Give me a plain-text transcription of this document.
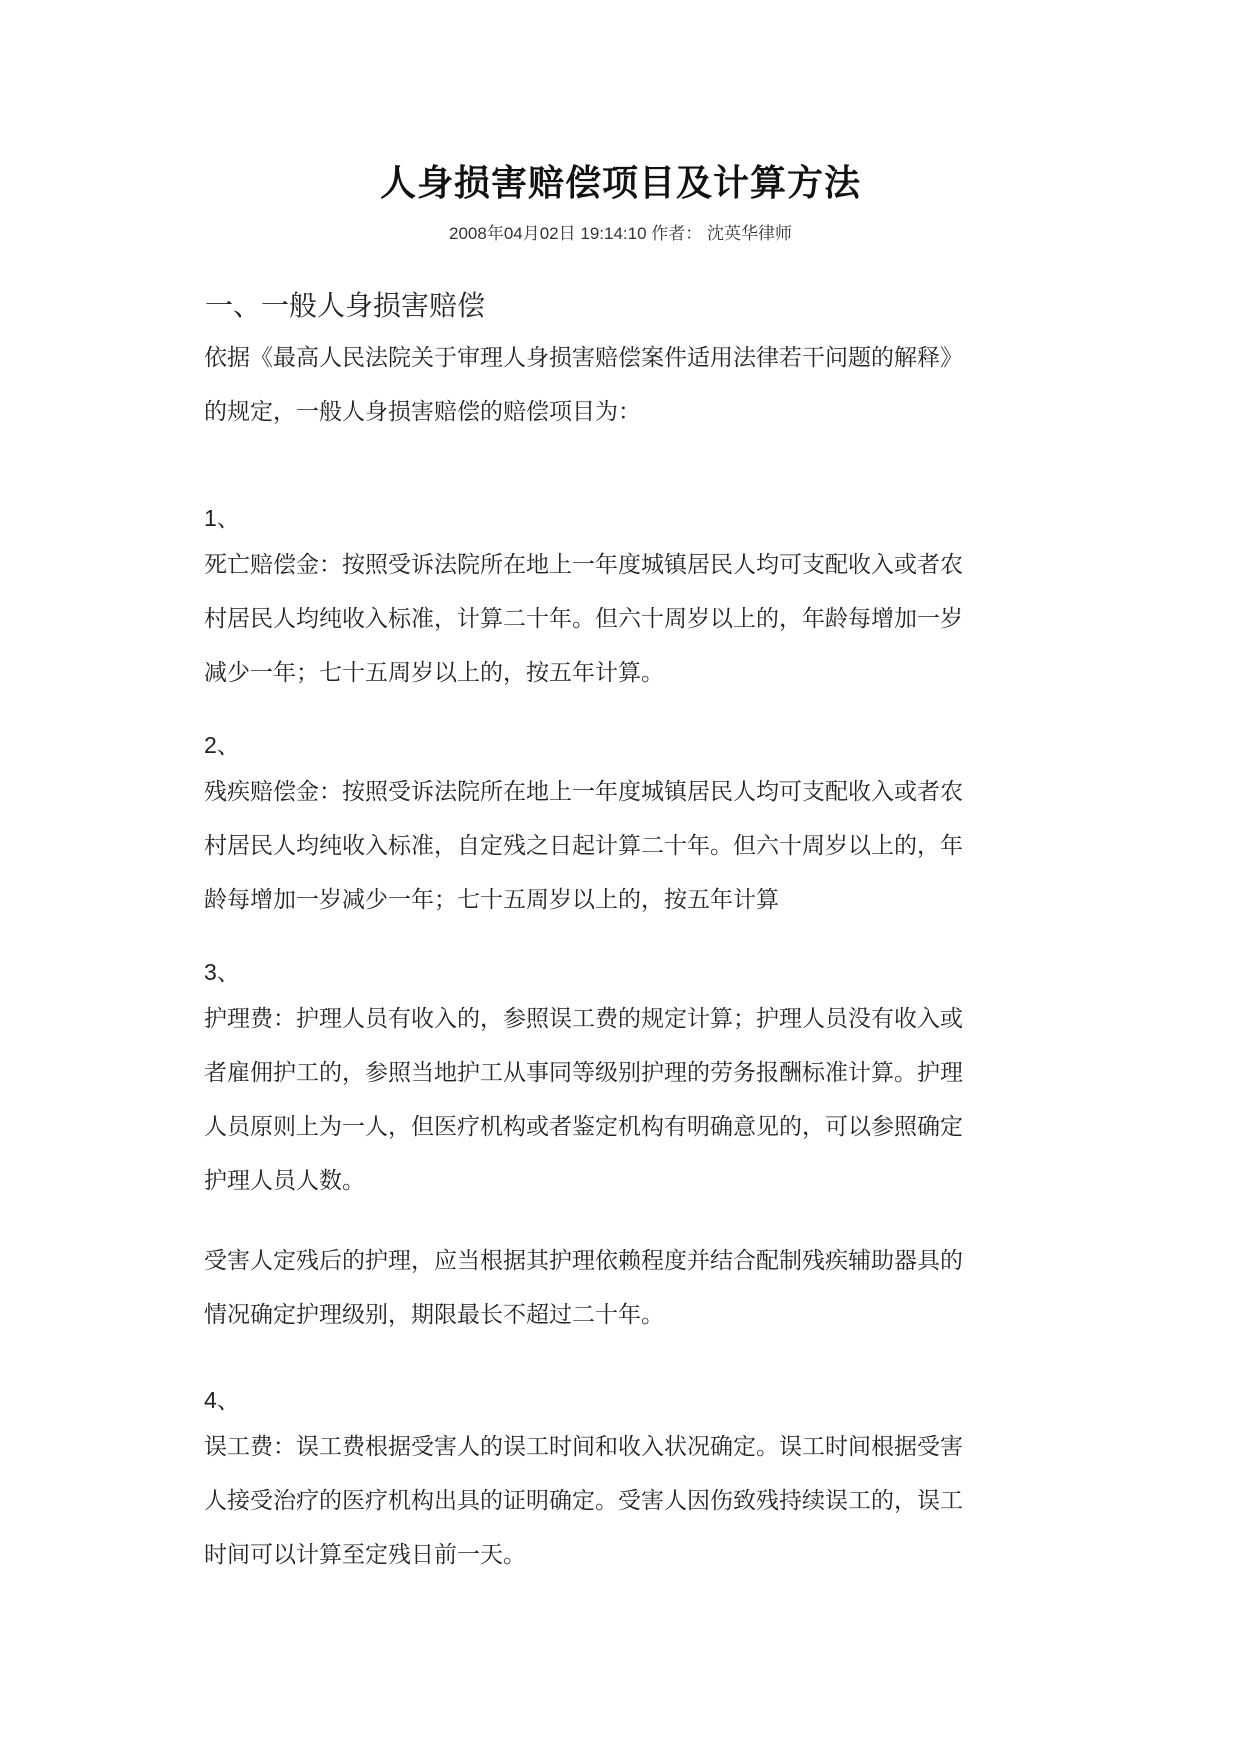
人身损害赔偿项目及计算方法
2008年04月02日 19:14:10 作者： 沈英华律师
一、一般人身损害赔偿
依据《最高人民法院关于审理人身损害赔偿案件适用法律若干问题的解释》
的规定，一般人身损害赔偿的赔偿项目为：
1、
死亡赔偿金：按照受诉法院所在地上一年度城镇居民人均可支配收入或者农
村居民人均纯收入标准，计算二十年。但六十周岁以上的，年龄每增加一岁
减少一年；七十五周岁以上的，按五年计算。
2、
残疾赔偿金：按照受诉法院所在地上一年度城镇居民人均可支配收入或者农
村居民人均纯收入标准，自定残之日起计算二十年。但六十周岁以上的，年
龄每增加一岁减少一年；七十五周岁以上的，按五年计算
3、
护理费：护理人员有收入的，参照误工费的规定计算；护理人员没有收入或
者雇佣护工的，参照当地护工从事同等级别护理的劳务报酬标准计算。护理
人员原则上为一人，但医疗机构或者鉴定机构有明确意见的，可以参照确定
护理人员人数。
受害人定残后的护理，应当根据其护理依赖程度并结合配制残疾辅助器具的
情况确定护理级别，期限最长不超过二十年。
4、
误工费：误工费根据受害人的误工时间和收入状况确定。误工时间根据受害
人接受治疗的医疗机构出具的证明确定。受害人因伤致残持续误工的，误工
时间可以计算至定残日前一天。
